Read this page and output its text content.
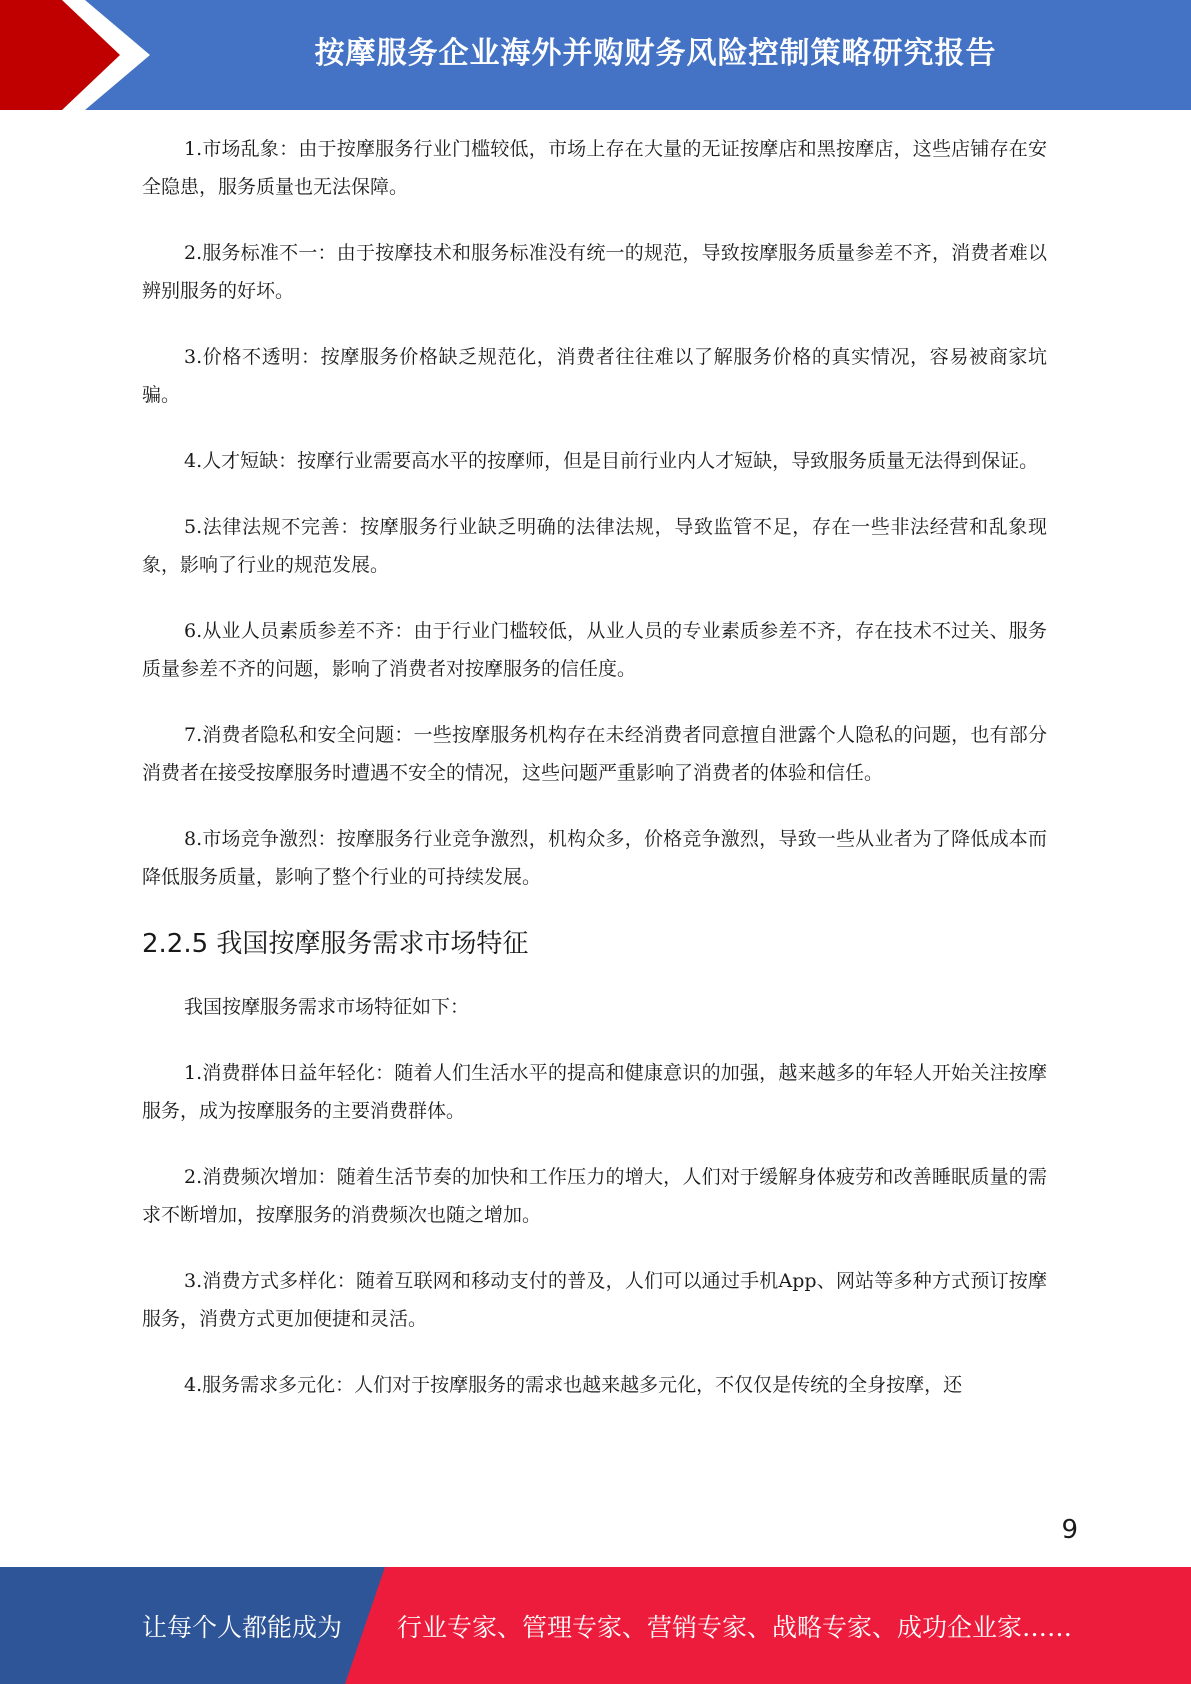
按摩服务企业海外并购财务风险控制策略研究报告

1.市场乱象：由于按摩服务行业门槛较低，市场上存在大量的无证按摩店和黑按摩店，这些店铺存在安全隐患，服务质量也无法保障。

2.服务标准不一：由于按摩技术和服务标准没有统一的规范，导致按摩服务质量参差不齐，消费者难以辨别服务的好坏。

3.价格不透明：按摩服务价格缺乏规范化，消费者往往难以了解服务价格的真实情况，容易被商家坑骗。

4.人才短缺：按摩行业需要高水平的按摩师，但是目前行业内人才短缺，导致服务质量无法得到保证。

5.法律法规不完善：按摩服务行业缺乏明确的法律法规，导致监管不足，存在一些非法经营和乱象现象，影响了行业的规范发展。

6.从业人员素质参差不齐：由于行业门槛较低，从业人员的专业素质参差不齐，存在技术不过关、服务质量参差不齐的问题，影响了消费者对按摩服务的信任度。

7.消费者隐私和安全问题：一些按摩服务机构存在未经消费者同意擅自泄露个人隐私的问题，也有部分消费者在接受按摩服务时遭遇不安全的情况，这些问题严重影响了消费者的体验和信任。

8.市场竞争激烈：按摩服务行业竞争激烈，机构众多，价格竞争激烈，导致一些从业者为了降低成本而降低服务质量，影响了整个行业的可持续发展。

2.2.5 我国按摩服务需求市场特征

我国按摩服务需求市场特征如下：

1.消费群体日益年轻化：随着人们生活水平的提高和健康意识的加强，越来越多的年轻人开始关注按摩服务，成为按摩服务的主要消费群体。

2.消费频次增加：随着生活节奏的加快和工作压力的增大，人们对于缓解身体疲劳和改善睡眠质量的需求不断增加，按摩服务的消费频次也随之增加。

3.消费方式多样化：随着互联网和移动支付的普及，人们可以通过手机App、网站等多种方式预订按摩服务，消费方式更加便捷和灵活。

4.服务需求多元化：人们对于按摩服务的需求也越来越多元化，不仅仅是传统的全身按摩，还

9
让每个人都能成为 行业专家、管理专家、营销专家、战略专家、成功企业家……
